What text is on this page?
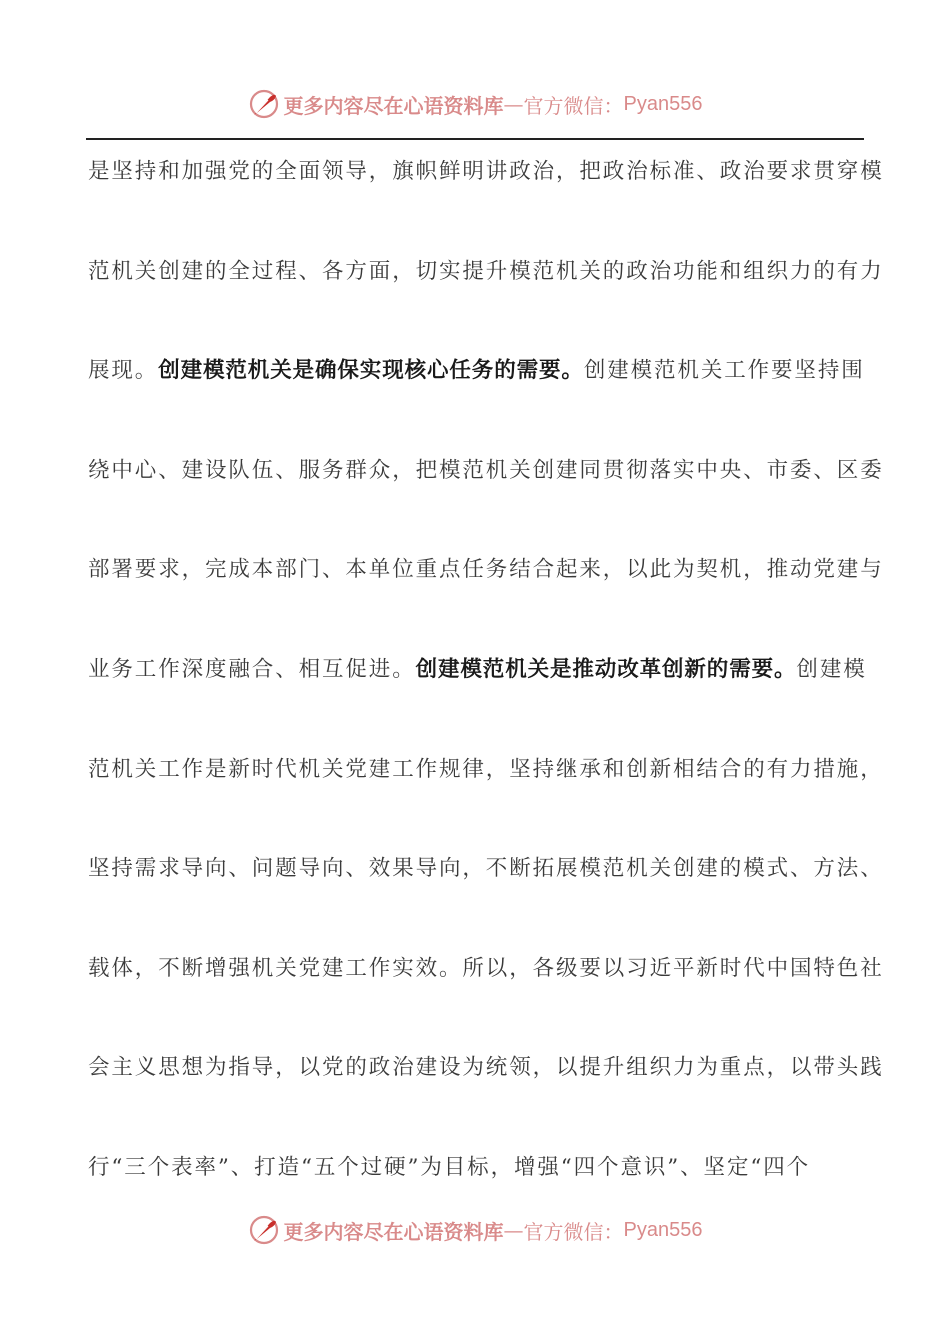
更多内容尽在心语资料库 — 官方微信： Pyan556
是坚持和加强党的全面领导，旗帜鲜明讲政治，把政治标准、政治要求贯穿模
范机关创建的全过程、各方面，切实提升模范机关的政治功能和组织力的有力
展现。创建模范机关是确保实现核心任务的需要。创建模范机关工作要坚持围
绕中心、建设队伍、服务群众，把模范机关创建同贯彻落实中央、市委、区委
部署要求，完成本部门、本单位重点任务结合起来，以此为契机，推动党建与
业务工作深度融合、相互促进。创建模范机关是推动改革创新的需要。创建模
范机关工作是新时代机关党建工作规律，坚持继承和创新相结合的有力措施，
坚持需求导向、问题导向、效果导向，不断拓展模范机关创建的模式、方法、
载体，不断增强机关党建工作实效。所以，各级要以习近平新时代中国特色社
会主义思想为指导，以党的政治建设为统领，以提升组织力为重点，以带头践
行“三个表率”、打造“五个过硬”为目标，增强“四个意识”、坚定“四个
更多内容尽在心语资料库 — 官方微信： Pyan556
